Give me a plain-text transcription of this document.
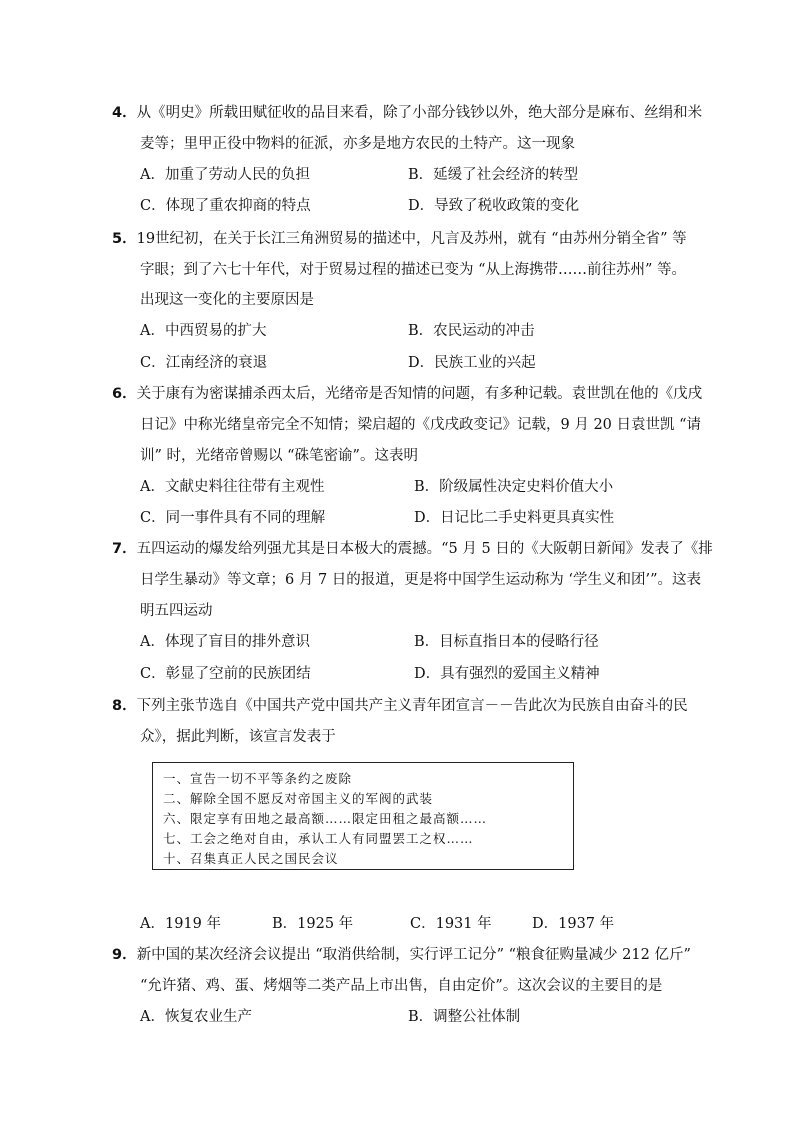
4．从《明史》所载田赋征收的品目来看，除了小部分钱钞以外，绝大部分是麻布、丝绢和米
麦等；里甲正役中物料的征派，亦多是地方农民的土特产。这一现象
A．加重了劳动人民的负担	B．延缓了社会经济的转型
C．体现了重农抑商的特点	D．导致了税收政策的变化
5．19世纪初，在关于长江三角洲贸易的描述中，凡言及苏州，就有 “由苏州分销全省” 等
字眼；到了六七十年代，对于贸易过程的描述已变为 “从上海携带……前往苏州” 等。
出现这一变化的主要原因是
A．中西贸易的扩大	B．农民运动的冲击
C．江南经济的衰退	D．民族工业的兴起
6．关于康有为密谋捕杀西太后，光绪帝是否知情的问题，有多种记载。袁世凯在他的《戊戌
日记》中称光绪皇帝完全不知情；梁启超的《戊戌政变记》记载，9 月 20 日袁世凯 “请
训” 时，光绪帝曾赐以 “硃笔密谕”。这表明
A．文献史料往往带有主观性	B．阶级属性决定史料价值大小
C．同一事件具有不同的理解	D．日记比二手史料更具真实性
7．五四运动的爆发给列强尤其是日本极大的震撼。“5 月 5 日的《大阪朝日新闻》发表了《排
日学生暴动》等文章；6 月 7 日的报道，更是将中国学生运动称为 ‘学生义和团’”。这表
明五四运动
A．体现了盲目的排外意识	B．目标直指日本的侵略行径
C．彰显了空前的民族团结	D．具有强烈的爱国主义精神
8．下列主张节选自《中国共产党中国共产主义青年团宣言－－告此次为民族自由奋斗的民
众》，据此判断，该宣言发表于
一、宣告一切不平等条约之废除
二、解除全国不愿反对帝国主义的军阀的武装
六、限定享有田地之最高额……限定田租之最高额……
七、工会之绝对自由，承认工人有同盟罢工之权……
十、召集真正人民之国民会议
A．1919 年	B．1925 年	C．1931 年	D．1937 年
9．新中国的某次经济会议提出 “取消供给制，实行评工记分” “粮食征购量减少 212 亿斤”
“允许猪、鸡、蛋、烤烟等二类产品上市出售，自由定价”。这次会议的主要目的是
A．恢复农业生产	B．调整公社体制
